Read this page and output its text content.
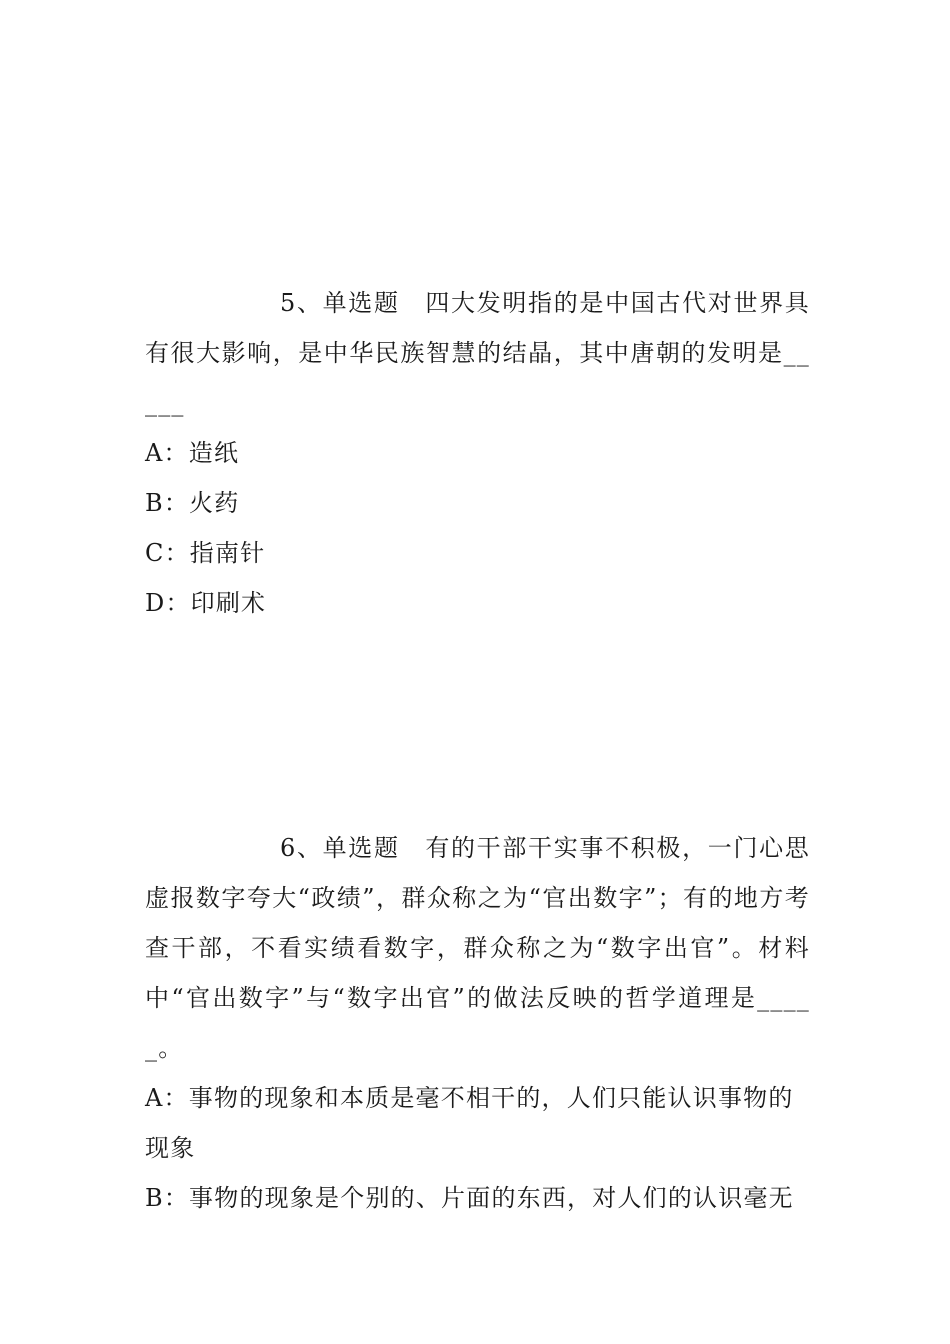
5、单选题　四大发明指的是中国古代对世界具有很大影响，是中华民族智慧的结晶，其中唐朝的发明是_____

A：造纸
B：火药
C：指南针
D：印刷术

6、单选题　有的干部干实事不积极，一门心思虚报数字夸大“政绩”，群众称之为“官出数字”；有的地方考查干部，不看实绩看数字，群众称之为“数字出官”。材料中“官出数字”与“数字出官”的做法反映的哲学道理是_____。

A：事物的现象和本质是毫不相干的，人们只能认识事物的现象
B：事物的现象是个别的、片面的东西，对人们的认识毫无
